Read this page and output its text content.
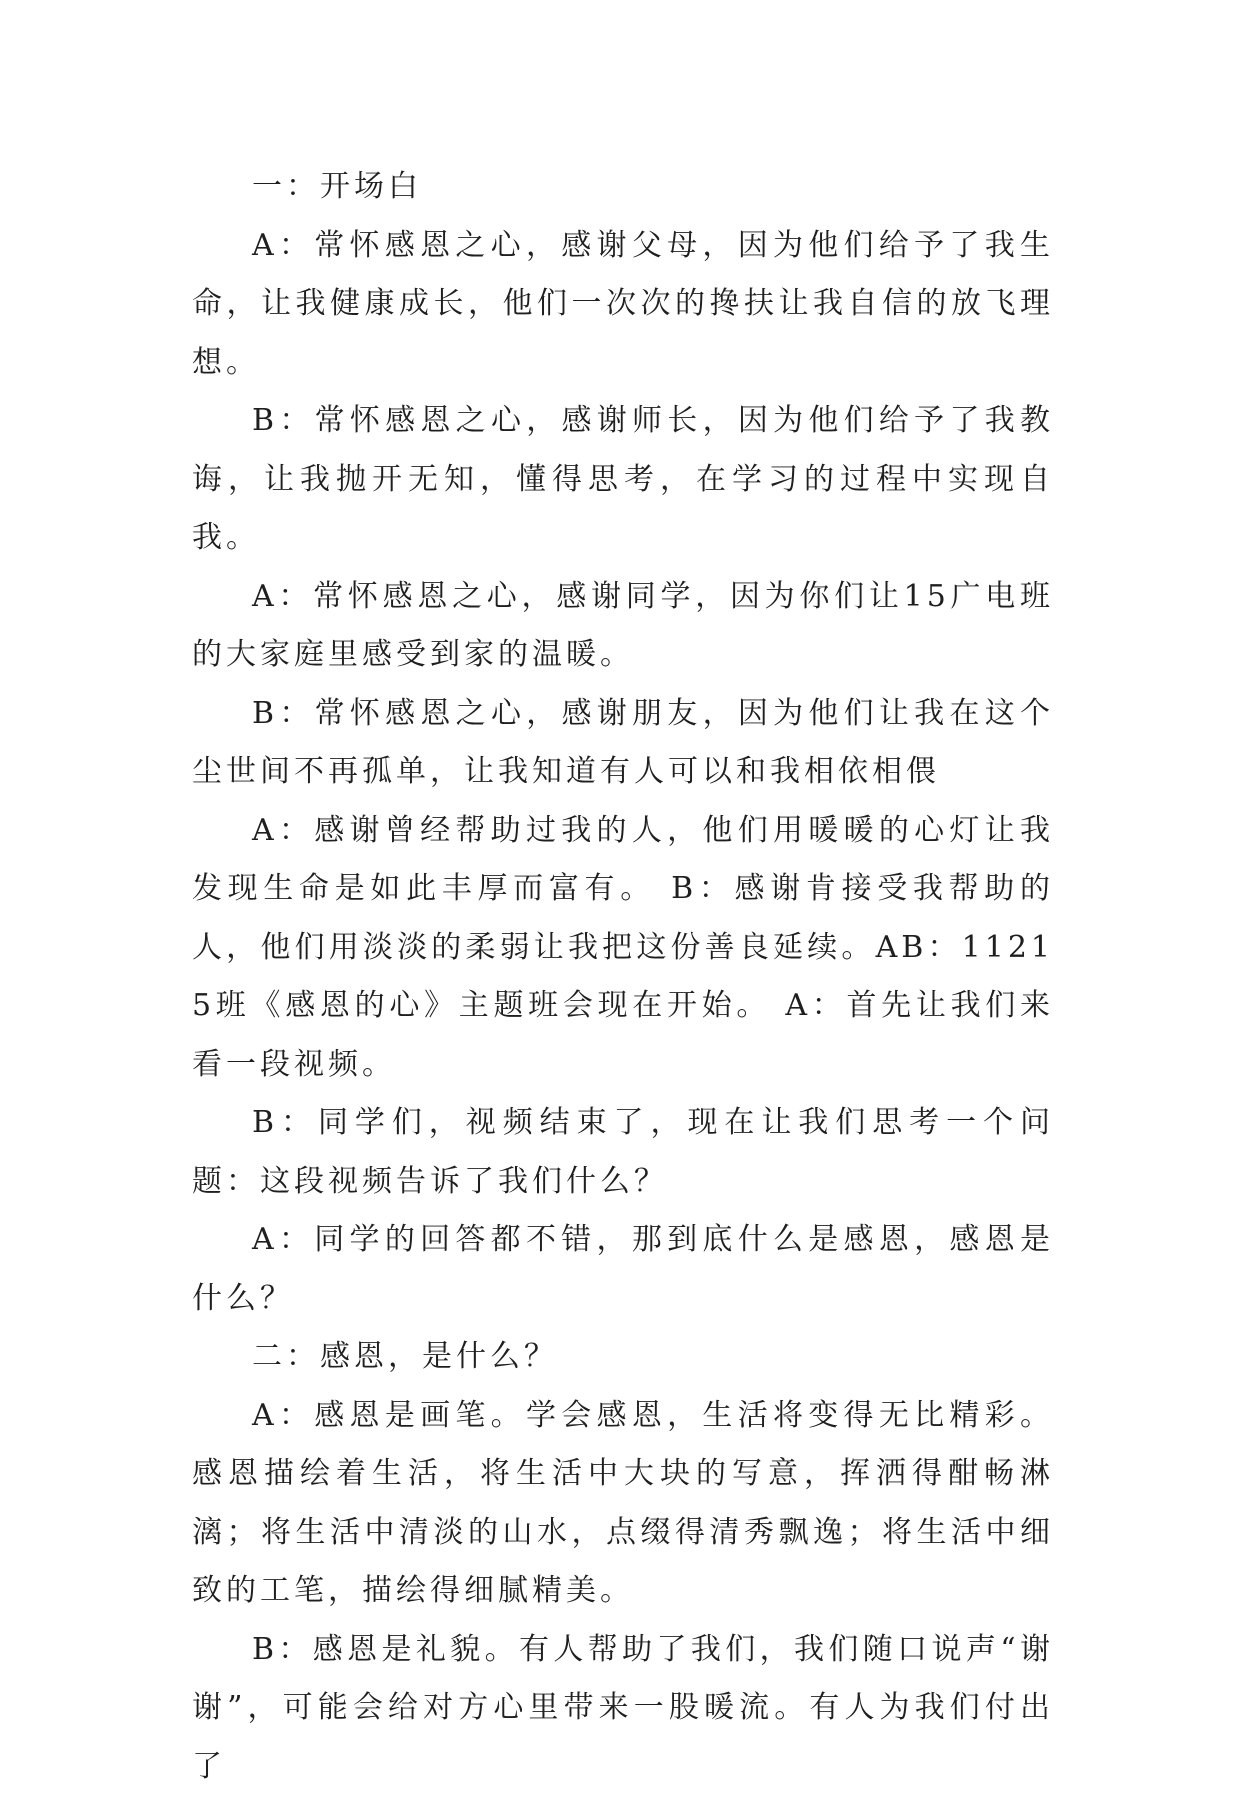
一：开场白

A：常怀感恩之心，感谢父母，因为他们给予了我生命，让我健康成长，他们一次次的搀扶让我自信的放飞理想。

B：常怀感恩之心，感谢师长，因为他们给予了我教诲，让我抛开无知，懂得思考，在学习的过程中实现自我。

A：常怀感恩之心，感谢同学，因为你们让15广电班的大家庭里感受到家的温暖。

B：常怀感恩之心，感谢朋友，因为他们让我在这个尘世间不再孤单，让我知道有人可以和我相依相偎

A：感谢曾经帮助过我的人，他们用暖暖的心灯让我发现生命是如此丰厚而富有。 B：感谢肯接受我帮助的人，他们用淡淡的柔弱让我把这份善良延续。AB：11215班《感恩的心》主题班会现在开始。 A：首先让我们来看一段视频。

B：同学们，视频结束了，现在让我们思考一个问题：这段视频告诉了我们什么？

A：同学的回答都不错，那到底什么是感恩，感恩是什么？

二：感恩，是什么？

A：感恩是画笔。学会感恩，生活将变得无比精彩。感恩描绘着生活，将生活中大块的写意，挥洒得酣畅淋漓；将生活中清淡的山水，点缀得清秀飘逸；将生活中细致的工笔，描绘得细腻精美。

B：感恩是礼貌。有人帮助了我们，我们随口说声“谢谢”，可能会给对方心里带来一股暖流。有人为我们付出了
